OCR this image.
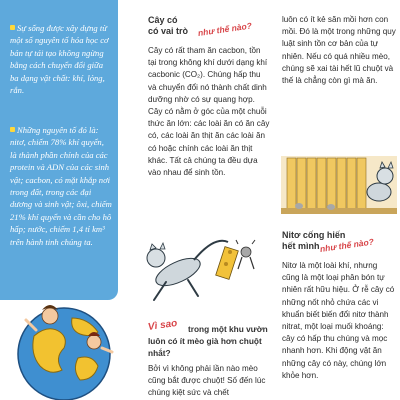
Sự sống được xây dựng từ một số nguyên tố hóa học cơ bản tự tái tạo không ngừng bằng cách chuyển đổi giữa ba dạng vật chất: khí, lỏng, rắn.

Những nguyên tố đó là: nitơ, chiếm 78% khí quyển, là thành phần chính của các protein và ADN của các sinh vật; cacbon, có mặt khắp nơi trong đất, trong các đại dương và sinh vật; ôxi, chiếm 21% khí quyển và cần cho hô hấp; nước, chiếm 1,4 tỉ km³ trên hành tinh chúng ta.

Cây có
có vai trò như thế nào?

Cây có rất tham ăn cacbon, tồn tại trong không khí dưới dạng khí cacbonic (CO₂). Chúng hấp thu và chuyển đổi nó thành chất dinh dưỡng nhờ có sự quang hợp. Cây có nằm ở góc của một chuỗi thức ăn lớn: các loài ăn có ăn cây có, các loài ăn thịt ăn các loài ăn có hoặc chính các loài ăn thịt khác. Tất cả chúng ta đều dựa vào nhau để sinh tồn.

Vì sao	trong một khu vườn luôn có ít mèo già hơn chuột nhắt?

Bởi vì không phải lần nào mèo cũng bắt được chuột! Số đến lúc chúng kiệt sức và chết

luôn có ít kẻ săn mồi hơn con mồi. Đó là một trong những quy luật sinh tồn cơ bản của tự nhiên. Nếu có quá nhiều mèo, chúng sẽ xai tài hết lũ chuột và thế là chẳng còn gì mà ăn.

Nitơ cống hiến
hết mình như thế nào?

Nitơ là một loài khí, nhưng cũng là một loại phân bón tự nhiên rất hữu hiệu. Ở rễ cây có những nốt nhỏ chứa các vi khuẩn biết biến đổi nitơ thành nitrat, một loại muối khoáng: cây có hấp thu chúng và mọc nhanh hơn. Khi động vật ăn những cây có này, chúng lớn khỏe hơn.
